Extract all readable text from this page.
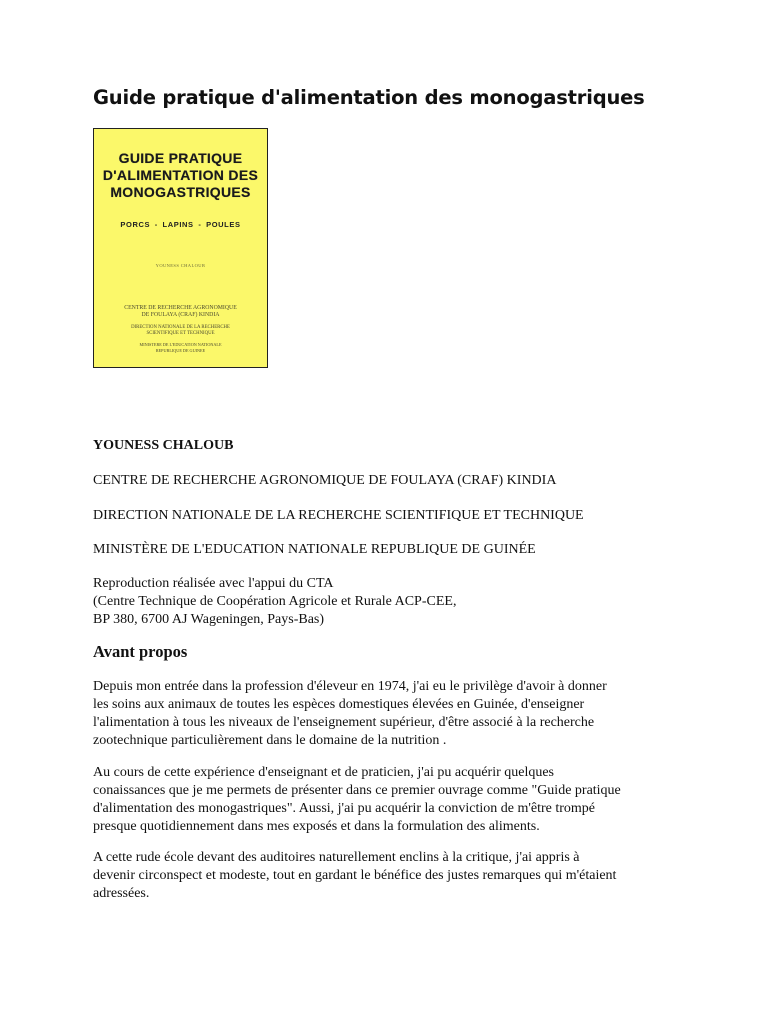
Guide pratique d'alimentation des monogastriques
GUIDE PRATIQUE
D'ALIMENTATION DES
MONOGASTRIQUES
PORCS - LAPINS - POULES
YOUNESS CHALOUB
CENTRE DE RECHERCHE AGRONOMIQUE
DE FOULAYA (CRAF) KINDIA
DIRECTION NATIONALE DE LA RECHERCHE
SCIENTIFIQUE ET TECHNIQUE
MINISTERE DE L'EDUCATION NATIONALE
REPUBLIQUE DE GUINEE
YOUNESS CHALOUB
CENTRE DE RECHERCHE AGRONOMIQUE DE FOULAYA (CRAF) KINDIA
DIRECTION NATIONALE DE LA RECHERCHE SCIENTIFIQUE ET TECHNIQUE
MINISTÈRE DE L'EDUCATION NATIONALE REPUBLIQUE DE GUINÉE
Reproduction réalisée avec l'appui du CTA
(Centre Technique de Coopération Agricole et Rurale ACP-CEE,
BP 380, 6700 AJ Wageningen, Pays-Bas)
Avant propos
Depuis mon entrée dans la profession d'éleveur en 1974, j'ai eu le privilège d'avoir à donner
les soins aux animaux de toutes les espèces domestiques élevées en Guinée, d'enseigner
l'alimentation à tous les niveaux de l'enseignement supérieur, d'être associé à la recherche
zootechnique particulièrement dans le domaine de la nutrition .
Au cours de cette expérience d'enseignant et de praticien, j'ai pu acquérir quelques
conaissances que je me permets de présenter dans ce premier ouvrage comme "Guide pratique
d'alimentation des monogastriques". Aussi, j'ai pu acquérir la conviction de m'être trompé
presque quotidiennement dans mes exposés et dans la formulation des aliments.
A cette rude école devant des auditoires naturellement enclins à la critique, j'ai appris à
devenir circonspect et modeste, tout en gardant le bénéfice des justes remarques qui m'étaient
adressées.
